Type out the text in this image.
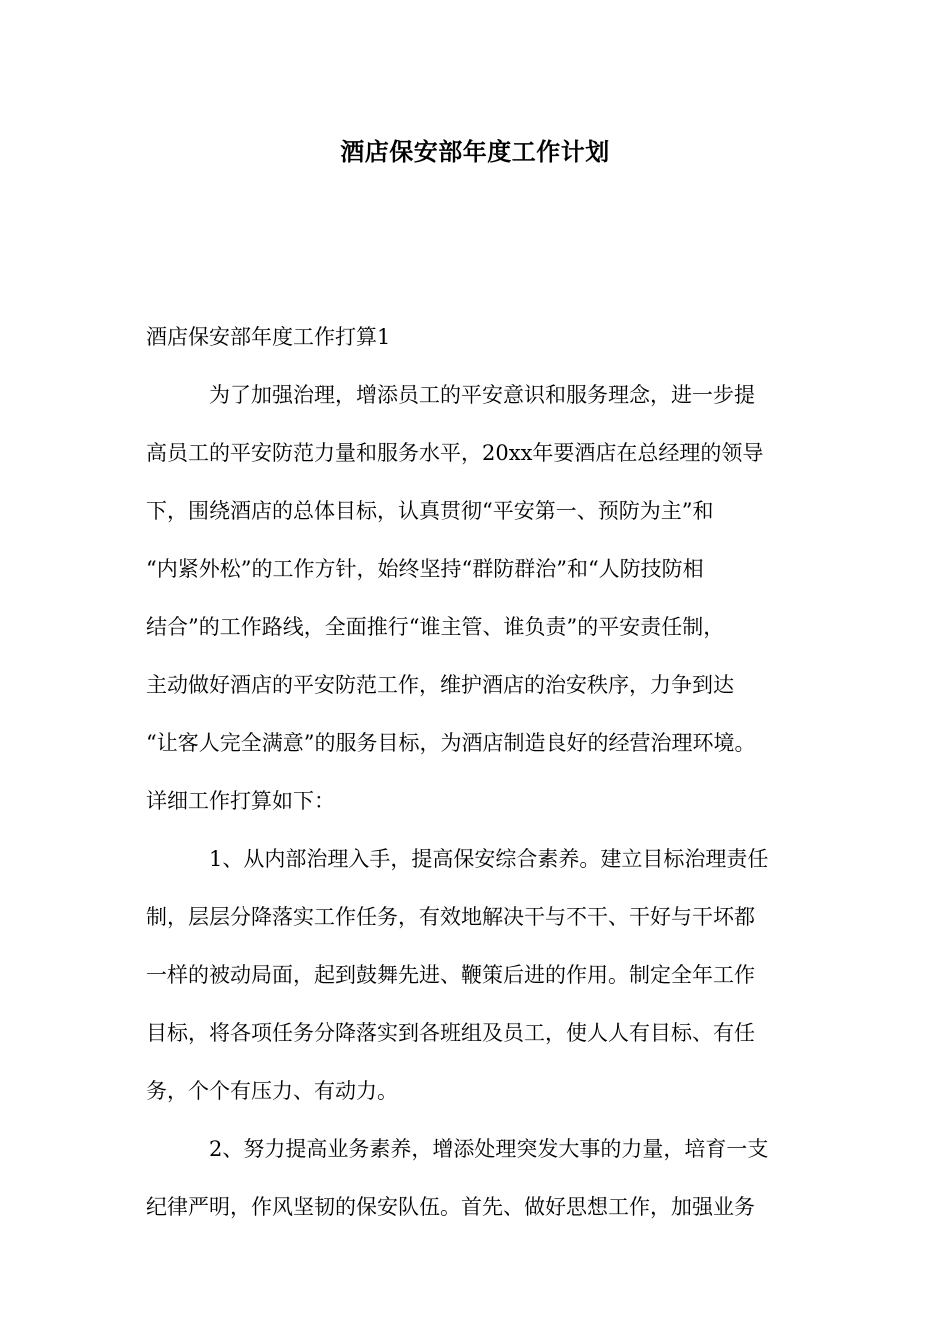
酒店保安部年度工作计划
酒店保安部年度工作打算1
为了加强治理，增添员工的平安意识和服务理念，进一步提
高员工的平安防范力量和服务水平，20xx年要酒店在总经理的领导
下，围绕酒店的总体目标，认真贯彻“平安第一、预防为主”和
“内紧外松”的工作方针，始终坚持“群防群治”和“人防技防相
结合”的工作路线，全面推行“谁主管、谁负责”的平安责任制，
主动做好酒店的平安防范工作，维护酒店的治安秩序，力争到达
“让客人完全满意”的服务目标，为酒店制造良好的经营治理环境。
详细工作打算如下：
1、从内部治理入手，提高保安综合素养。建立目标治理责任
制，层层分降落实工作任务，有效地解决干与不干、干好与干坏都
一样的被动局面，起到鼓舞先进、鞭策后进的作用。制定全年工作
目标，将各项任务分降落实到各班组及员工，使人人有目标、有任
务，个个有压力、有动力。
2、努力提高业务素养，增添处理突发大事的力量，培育一支
纪律严明，作风坚韧的保安队伍。首先、做好思想工作，加强业务
